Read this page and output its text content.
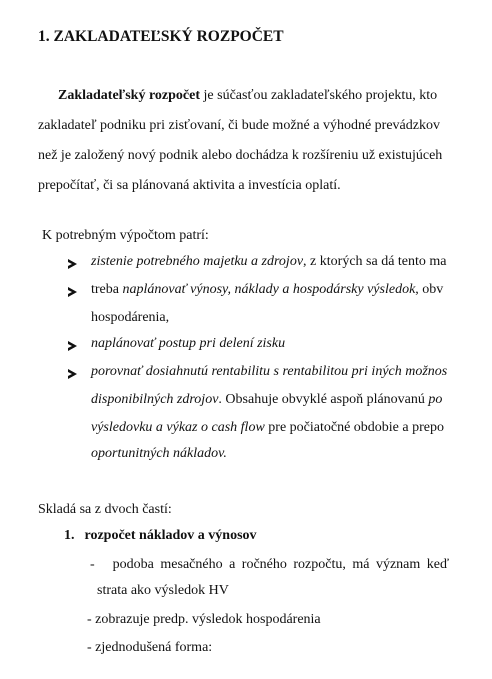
1. ZAKLADATEĽSKÝ ROZPOČET
Zakladateľský rozpočet je súčasťou zakladateľského projektu, kto
zakladateľ podniku pri zisťovaní, či bude možné a výhodné prevádzkov
než je založený nový podnik alebo dochádza k rozšíreniu už existujúceh
prepočítať, či sa plánovaná aktivita a investícia oplatí.
K potrebným výpočtom patrí:
zistenie potrebného majetku a zdrojov, z ktorých sa dá tento ma
treba naplánovať výnosy, náklady a hospodársky výsledok, obv
hospodárenia,
naplánovať postup pri delení zisku
porovnať dosiahnutú rentabilitu s rentabilitou pri iných možnos
disponibilných zdrojov. Obsahuje obvyklé aspoň plánovanú po
výsledovku a výkaz o cash flow pre počiatočné obdobie a prepo
oportunitných nákladov.
Skladá sa z dvoch častí:
1. rozpočet nákladov a výnosov
- podoba mesačného a ročného rozpočtu, má význam keď
strata ako výsledok HV
- zobrazuje predp. výsledok hospodárenia
- zjednodušená forma:
